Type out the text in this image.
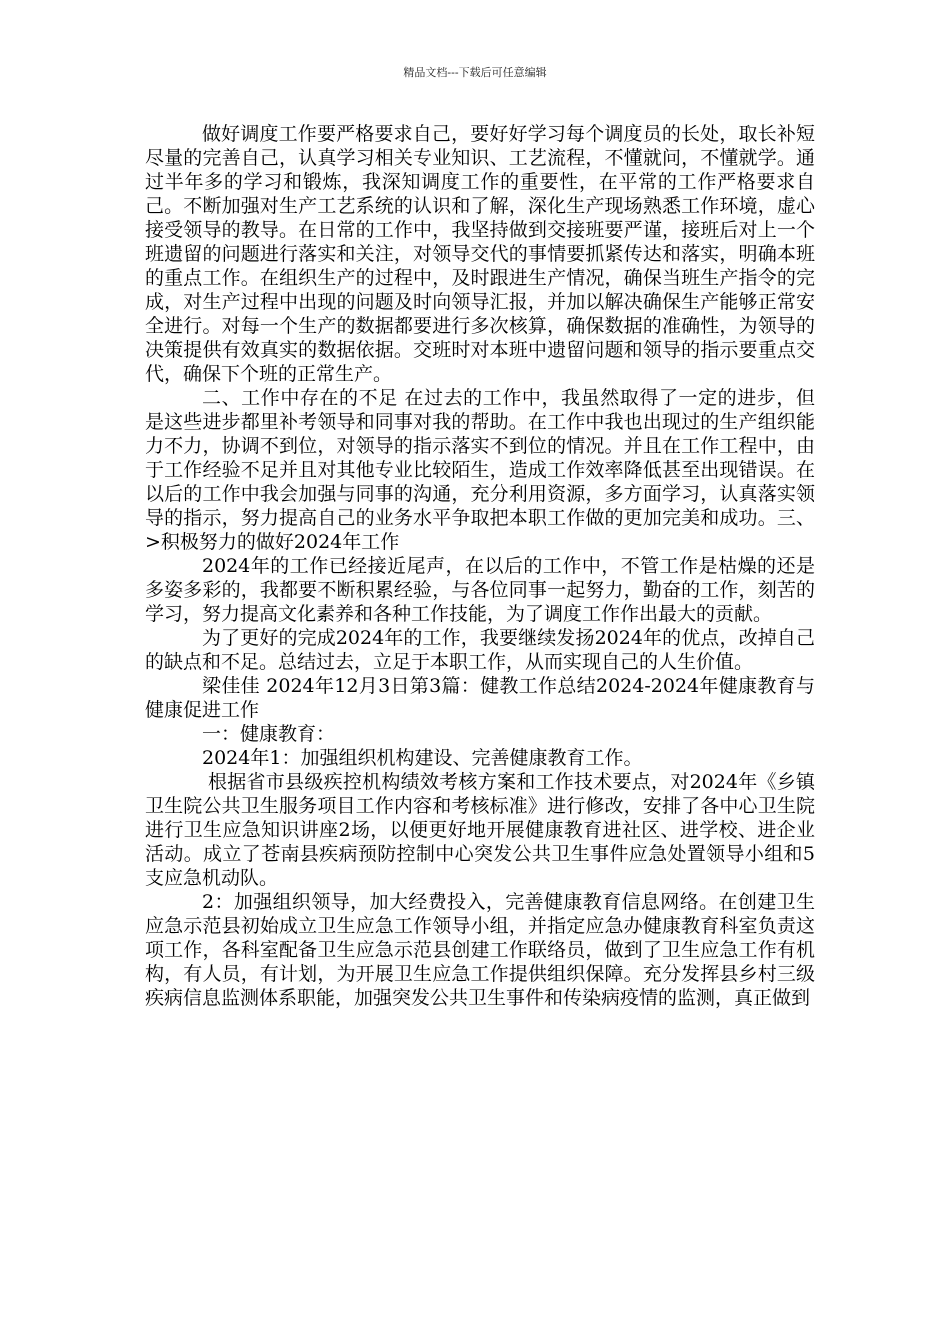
精品文档---下载后可任意编辑

做好调度工作要严格要求自己，要好好学习每个调度员的长处，取长补短尽量的完善自己，认真学习相关专业知识、工艺流程，不懂就问，不懂就学。通过半年多的学习和锻炼，我深知调度工作的重要性，在平常的工作严格要求自己。不断加强对生产工艺系统的认识和了解，深化生产现场熟悉工作环境，虚心接受领导的教导。在日常的工作中，我坚持做到交接班要严谨，接班后对上一个班遗留的问题进行落实和关注，对领导交代的事情要抓紧传达和落实，明确本班的重点工作。在组织生产的过程中，及时跟进生产情况，确保当班生产指令的完成，对生产过程中出现的问题及时向领导汇报，并加以解决确保生产能够正常安全进行。对每一个生产的数据都要进行多次核算，确保数据的准确性，为领导的决策提供有效真实的数据依据。交班时对本班中遗留问题和领导的指示要重点交代，确保下个班的正常生产。

二、工作中存在的不足 在过去的工作中，我虽然取得了一定的进步，但是这些进步都里补考领导和同事对我的帮助。在工作中我也出现过的生产组织能力不力，协调不到位，对领导的指示落实不到位的情况。并且在工作工程中，由于工作经验不足并且对其他专业比较陌生，造成工作效率降低甚至出现错误。在以后的工作中我会加强与同事的沟通，充分利用资源，多方面学习，认真落实领导的指示，努力提高自己的业务水平争取把本职工作做的更加完美和成功。三、>积极努力的做好2024年工作

2024年的工作已经接近尾声，在以后的工作中，不管工作是枯燥的还是多姿多彩的，我都要不断积累经验，与各位同事一起努力，勤奋的工作，刻苦的学习，努力提高文化素养和各种工作技能，为了调度工作作出最大的贡献。

为了更好的完成2024年的工作，我要继续发扬2024年的优点，改掉自己的缺点和不足。总结过去，立足于本职工作，从而实现自己的人生价值。

梁佳佳 2024年12月3日第3篇：健教工作总结2024-2024年健康教育与健康促进工作

一：健康教育：

2024年1：加强组织机构建设、完善健康教育工作。

根据省市县级疾控机构绩效考核方案和工作技术要点，对2024年《乡镇卫生院公共卫生服务项目工作内容和考核标准》进行修改，安排了各中心卫生院进行卫生应急知识讲座2场，以便更好地开展健康教育进社区、进学校、进企业活动。成立了苍南县疾病预防控制中心突发公共卫生事件应急处置领导小组和5支应急机动队。

2：加强组织领导，加大经费投入，完善健康教育信息网络。在创建卫生应急示范县初始成立卫生应急工作领导小组，并指定应急办健康教育科室负责这项工作，各科室配备卫生应急示范县创建工作联络员，做到了卫生应急工作有机构，有人员，有计划，为开展卫生应急工作提供组织保障。充分发挥县乡村三级疾病信息监测体系职能，加强突发公共卫生事件和传染病疫情的监测，真正做到
